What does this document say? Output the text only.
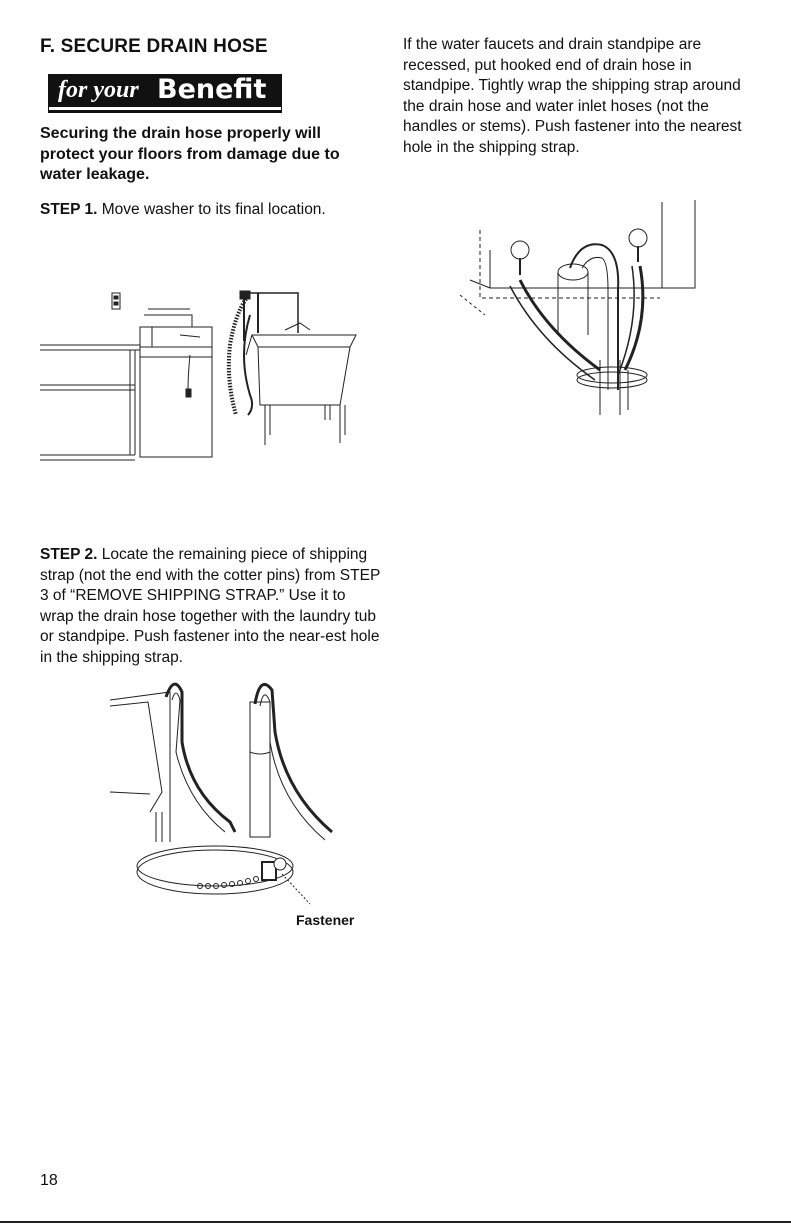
F. SECURE DRAIN HOSE
for your Benefit
Securing the drain hose properly will protect your floors from damage due to water leakage.
STEP 1. Move washer to its final location.
If the water faucets and drain standpipe are recessed, put hooked end of drain hose in standpipe. Tightly wrap the shipping strap around the drain hose and water inlet hoses (not the handles or stems). Push fastener into the nearest hole in the shipping strap.
STEP 2. Locate the remaining piece of shipping strap (not the end with the cotter pins) from STEP 3 of “REMOVE SHIPPING STRAP.” Use it to wrap the drain hose together with the laundry tub or standpipe. Push fastener into the near-est hole in the shipping strap.
Fastener
18
